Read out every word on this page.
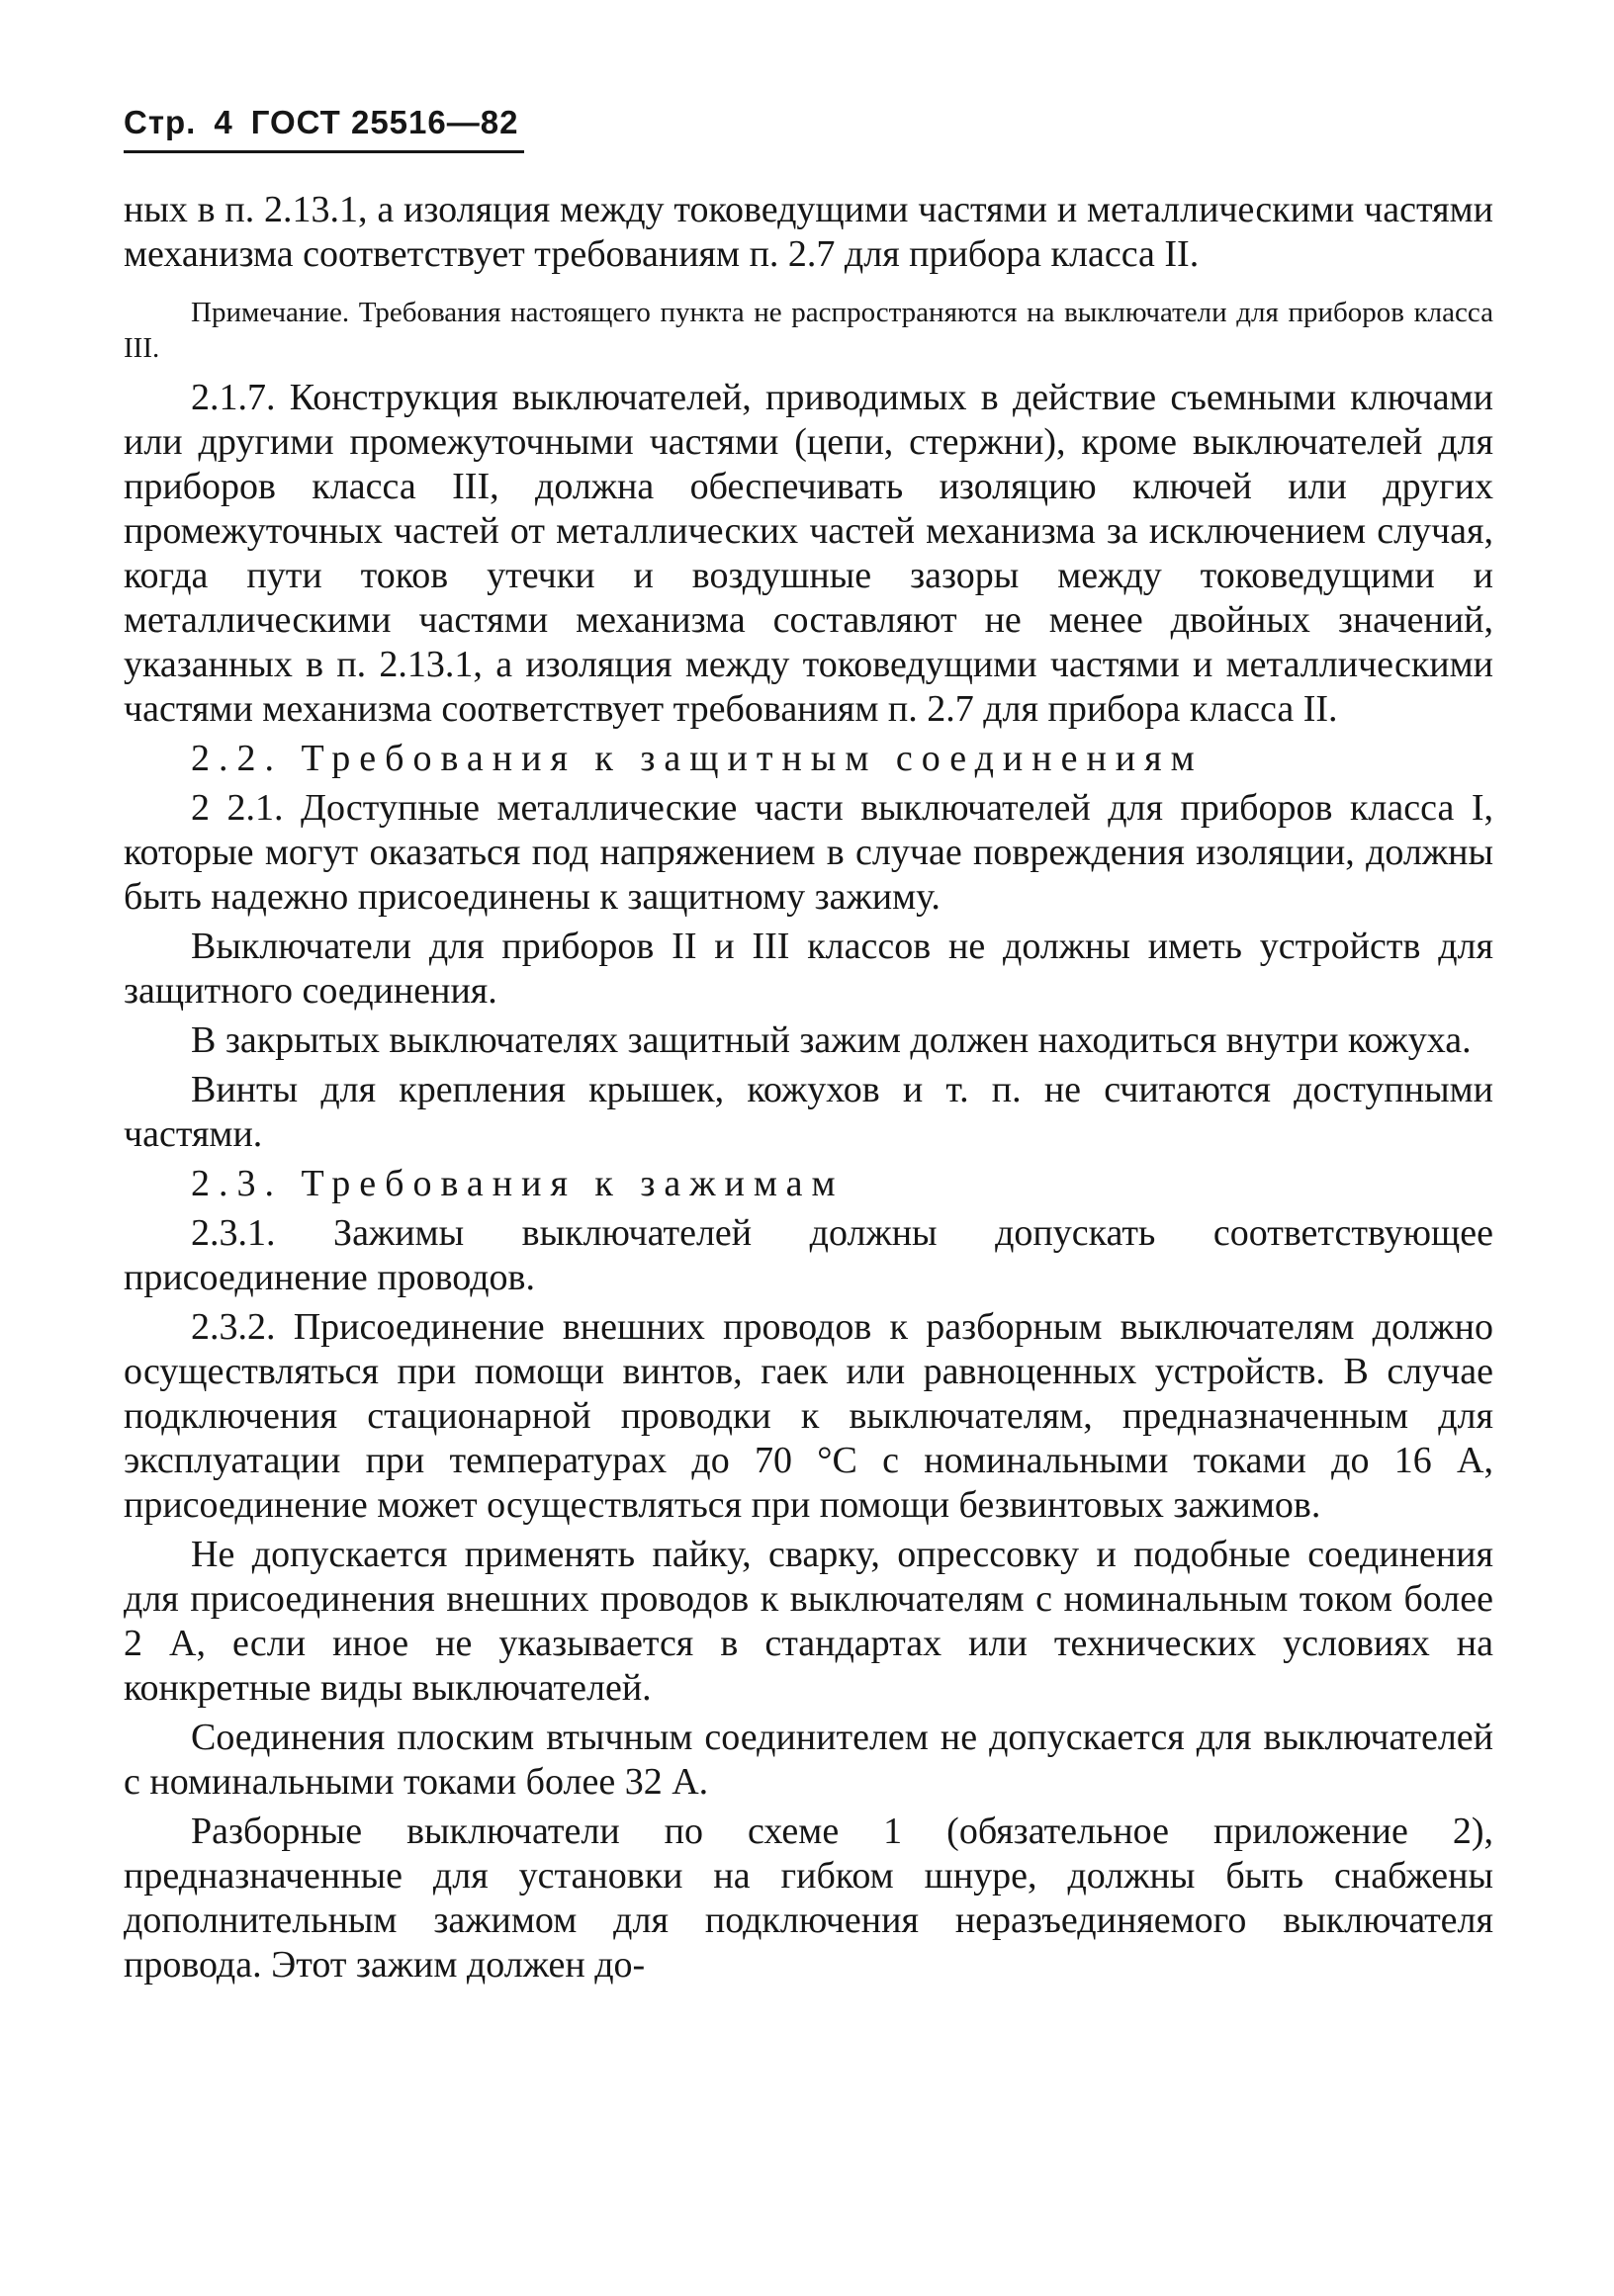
Стр. 4 ГОСТ 25516—82

ных в п. 2.13.1, а изоляция между токоведущими частями и металлическими частями механизма соответствует требованиям п. 2.7 для прибора класса II.

Примечание. Требования настоящего пункта не распространяются на выключатели для приборов класса III.

2.1.7. Конструкция выключателей, приводимых в действие съемными ключами или другими промежуточными частями (цепи, стержни), кроме выключателей для приборов класса III, должна обеспечивать изоляцию ключей или других промежуточных частей от металлических частей механизма за исключением случая, когда пути токов утечки и воздушные зазоры между токоведущими и металлическими частями механизма составляют не менее двойных значений, указанных в п. 2.13.1, а изоляция между токоведущими частями и металлическими частями механизма соответствует требованиям п. 2.7 для прибора класса II.

2.2. Требования к защитным соединениям

2 2.1. Доступные металлические части выключателей для приборов класса I, которые могут оказаться под напряжением в случае повреждения изоляции, должны быть надежно присоединены к защитному зажиму.

Выключатели для приборов II и III классов не должны иметь устройств для защитного соединения.

В закрытых выключателях защитный зажим должен находиться внутри кожуха.

Винты для крепления крышек, кожухов и т. п. не считаются доступными частями.

2.3. Требования к зажимам

2.3.1. Зажимы выключателей должны допускать соответствующее присоединение проводов.

2.3.2. Присоединение внешних проводов к разборным выключателям должно осуществляться при помощи винтов, гаек или равноценных устройств. В случае подключения стационарной проводки к выключателям, предназначенным для эксплуатации при температурах до 70 °С с номинальными токами до 16 А, присоединение может осуществляться при помощи безвинтовых зажимов.

Не допускается применять пайку, сварку, опрессовку и подобные соединения для присоединения внешних проводов к выключателям с номинальным током более 2 А, если иное не указывается в стандартах или технических условиях на конкретные виды выключателей.

Соединения плоским втычным соединителем не допускается для выключателей с номинальными токами более 32 А.

Разборные выключатели по схеме 1 (обязательное приложение 2), предназначенные для установки на гибком шнуре, должны быть снабжены дополнительным зажимом для подключения неразъединяемого выключателя провода. Этот зажим должен до-
